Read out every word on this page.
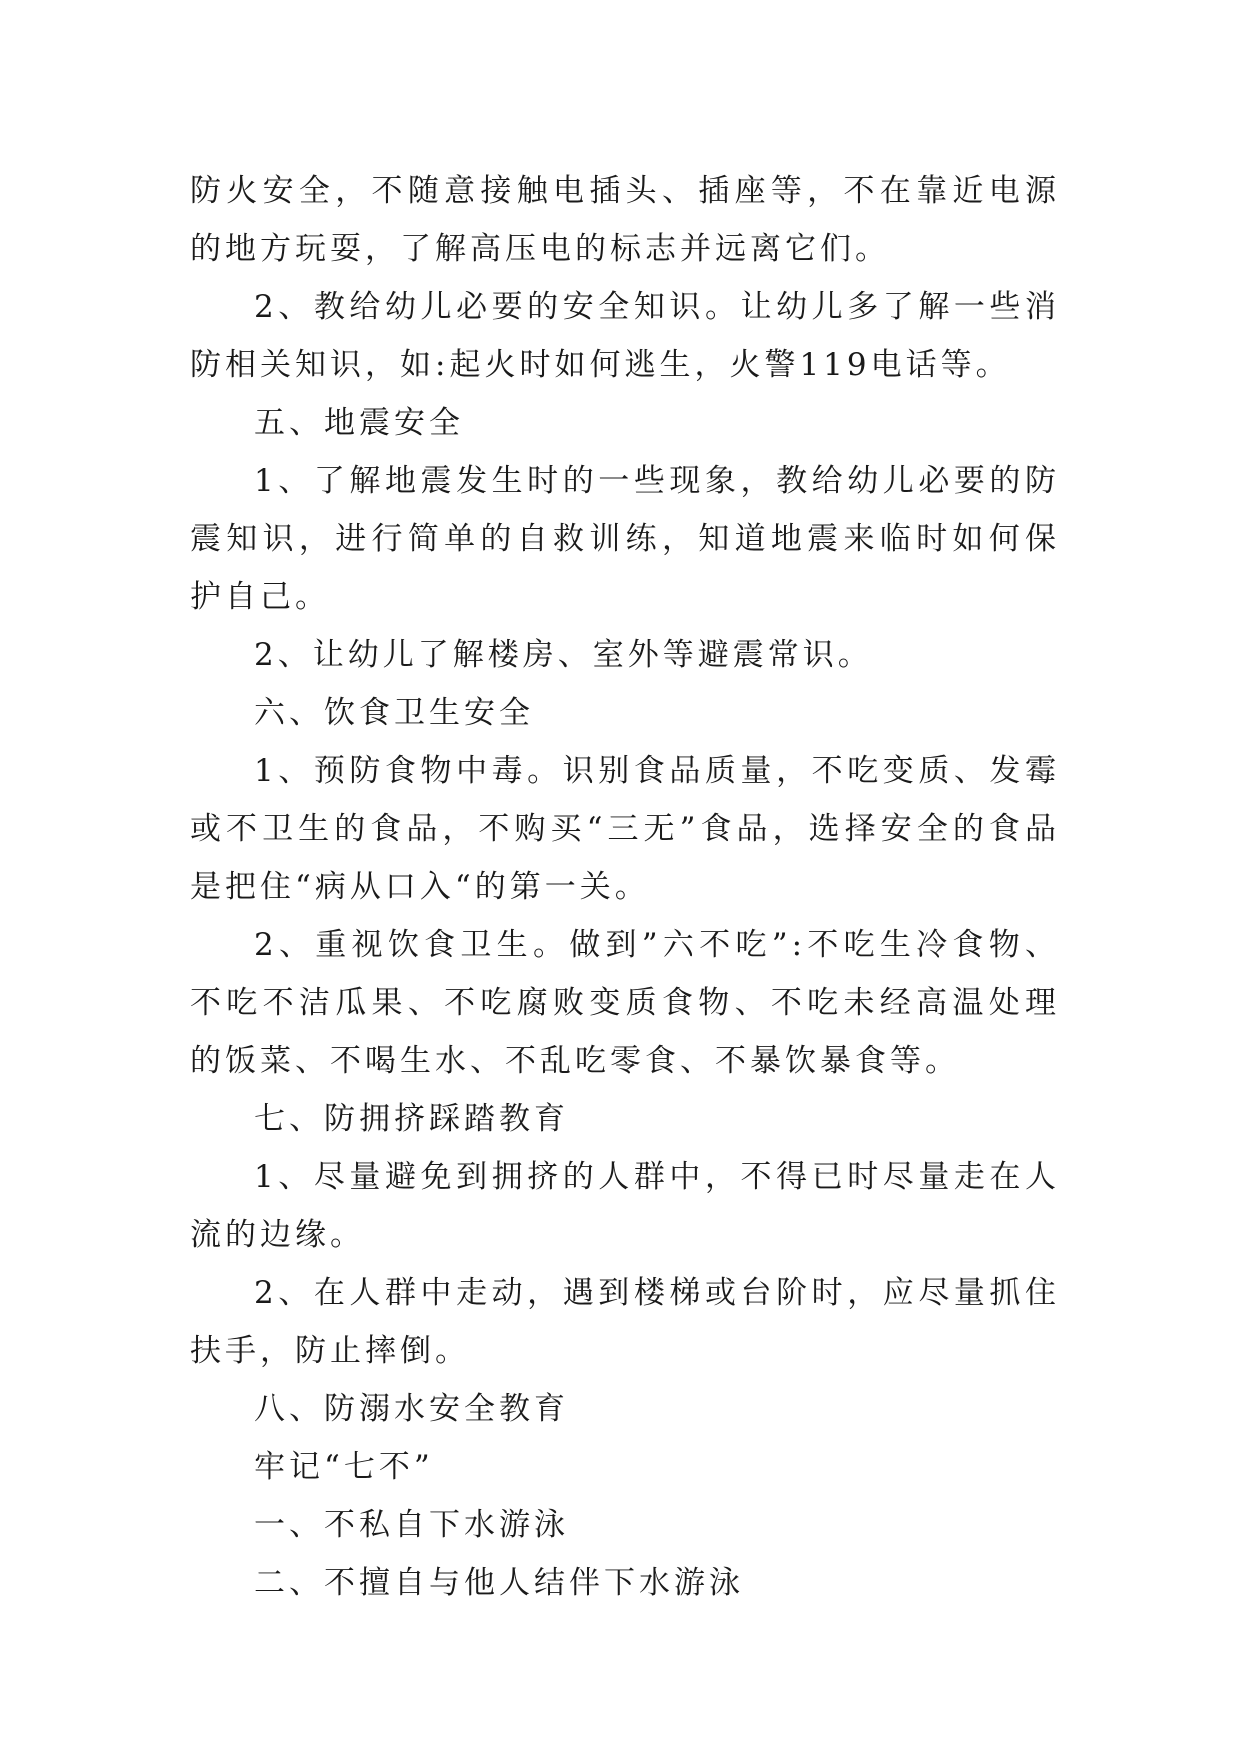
防火安全，不随意接触电插头、插座等，不在靠近电源的地方玩耍，了解高压电的标志并远离它们。

2、教给幼儿必要的安全知识。让幼儿多了解一些消防相关知识，如:起火时如何逃生，火警119电话等。

五、地震安全

1、了解地震发生时的一些现象，教给幼儿必要的防震知识，进行简单的自救训练，知道地震来临时如何保护自己。

2、让幼儿了解楼房、室外等避震常识。

六、饮食卫生安全

1、预防食物中毒。识别食品质量，不吃变质、发霉或不卫生的食品，不购买“三无”食品，选择安全的食品是把住“病从口入“的第一关。

2、重视饮食卫生。做到”六不吃”:不吃生冷食物、不吃不洁瓜果、不吃腐败变质食物、不吃未经高温处理的饭菜、不喝生水、不乱吃零食、不暴饮暴食等。

七、防拥挤踩踏教育

1、尽量避免到拥挤的人群中，不得已时尽量走在人流的边缘。

2、在人群中走动，遇到楼梯或台阶时，应尽量抓住扶手，防止摔倒。

八、防溺水安全教育

牢记“七不”

一、不私自下水游泳

二、不擅自与他人结伴下水游泳
